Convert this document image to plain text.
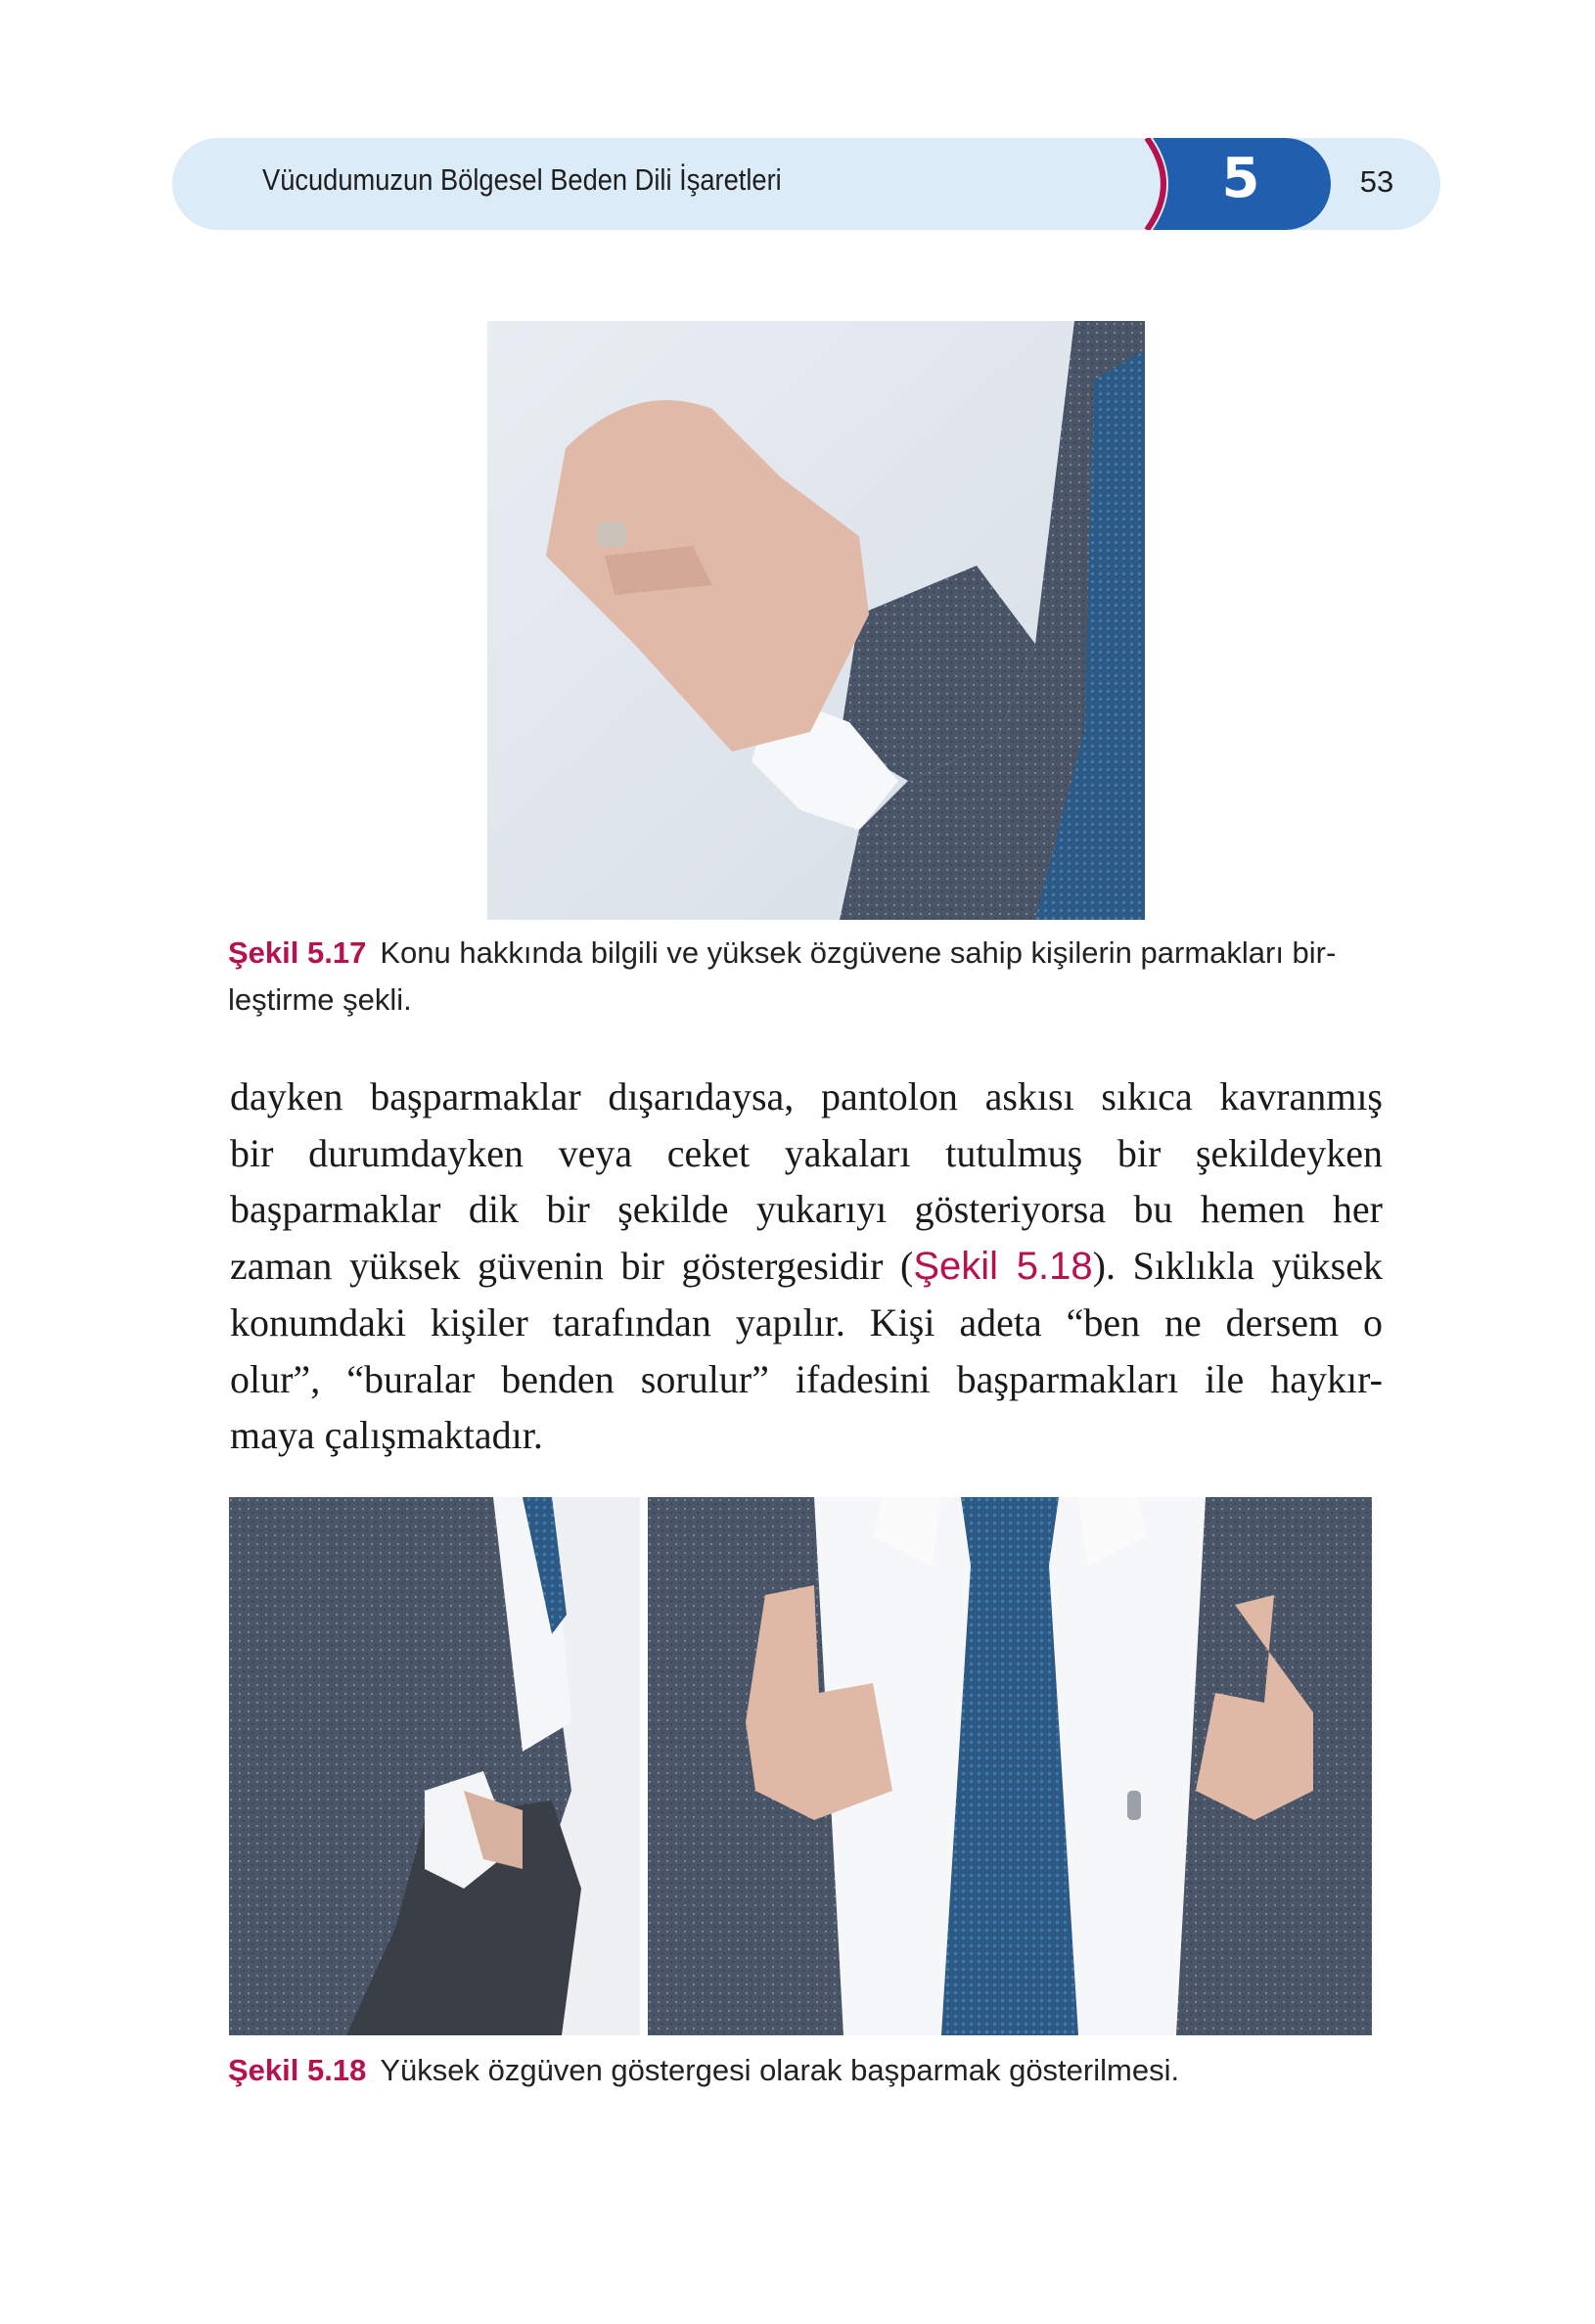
Vücudumuzun Bölgesel Beden Dili İşaretleri	5	53
Şekil 5.17 Konu hakkında bilgili ve yüksek özgüvene sahip kişilerin parmakları bir-
leştirme şekli.
dayken başparmaklar dışarıdaysa, pantolon askısı sıkıca kavranmış
bir durumdayken veya ceket yakaları tutulmuş bir şekildeyken
başparmaklar dik bir şekilde yukarıyı gösteriyorsa bu hemen her
zaman yüksek güvenin bir göstergesidir (Şekil 5.18). Sıklıkla yüksek
konumdaki kişiler tarafından yapılır. Kişi adeta “ben ne dersem o
olur”, “buralar benden sorulur” ifadesini başparmakları ile haykır-
maya çalışmaktadır.
Şekil 5.18 Yüksek özgüven göstergesi olarak başparmak gösterilmesi.
